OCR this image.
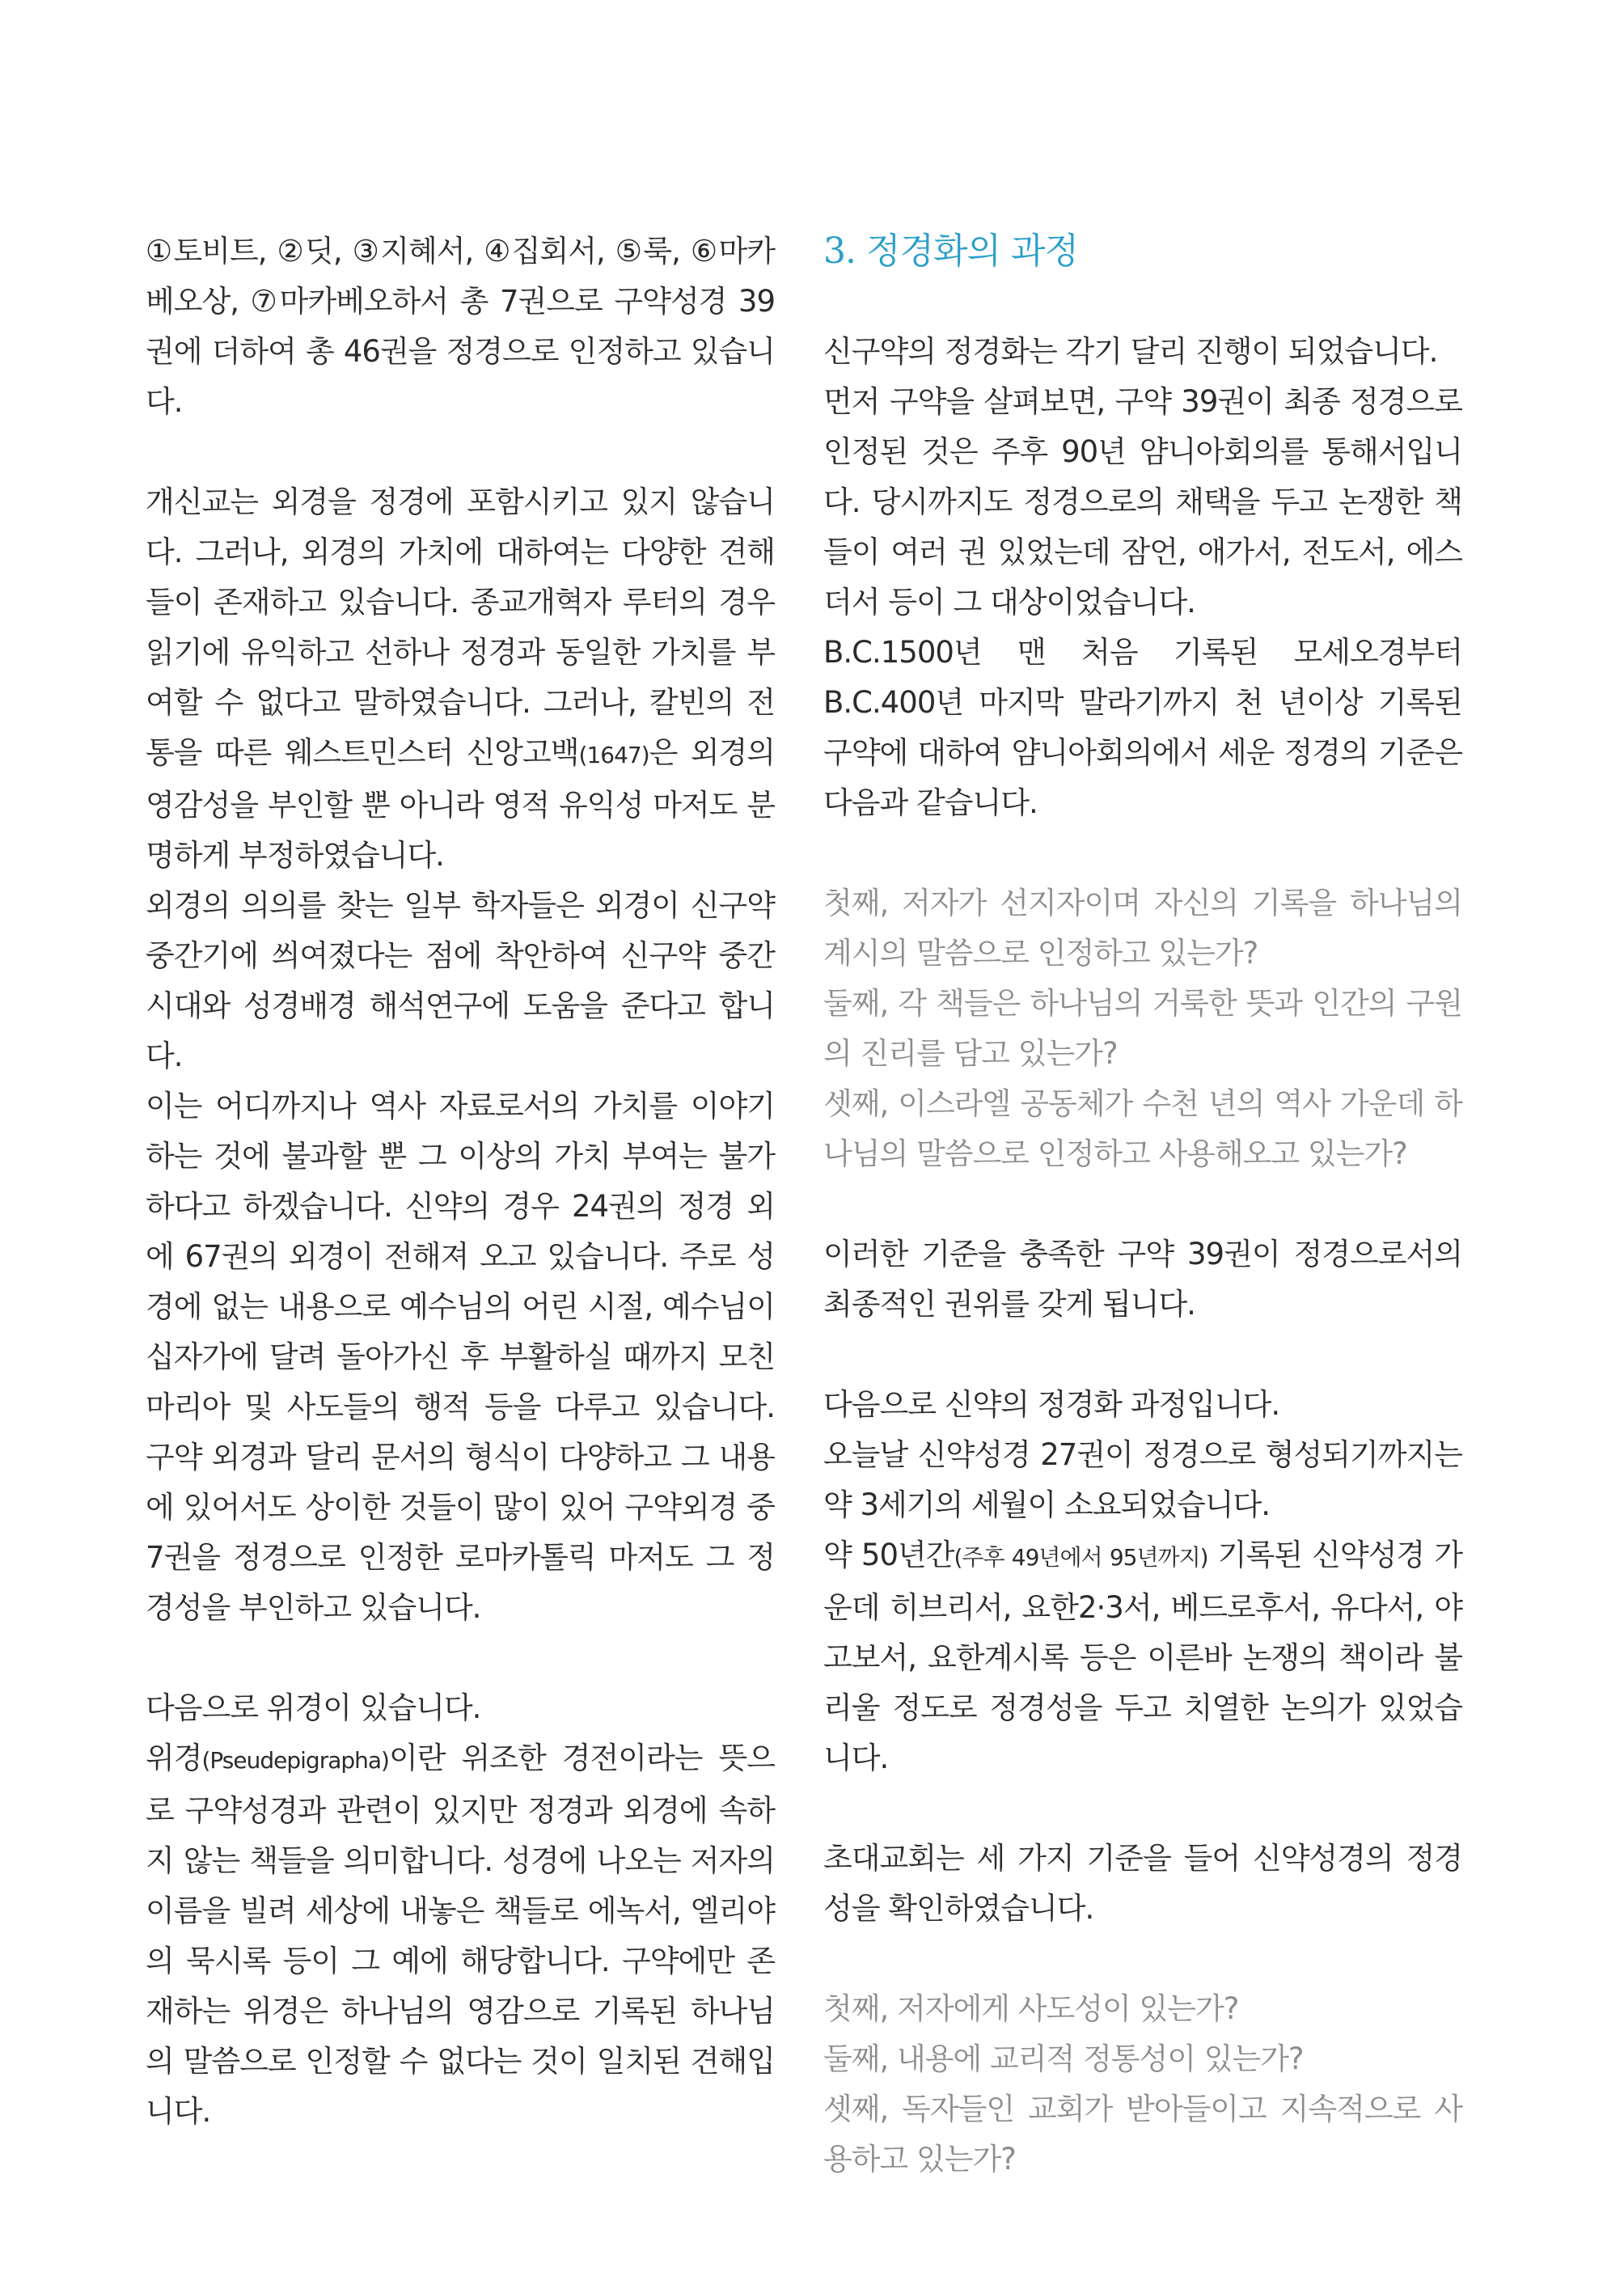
①토비트, ②딧, ③지혜서, ④집회서, ⑤룩, ⑥마카베오상, ⑦마카베오하서 총 7권으로 구약성경 39권에 더하여 총 46권을 정경으로 인정하고 있습니다.

개신교는 외경을 정경에 포함시키고 있지 않습니다. 그러나, 외경의 가치에 대하여는 다양한 견해들이 존재하고 있습니다. 종교개혁자 루터의 경우 읽기에 유익하고 선하나 정경과 동일한 가치를 부여할 수 없다고 말하였습니다. 그러나, 칼빈의 전통을 따른 웨스트민스터 신앙고백(1647)은 외경의 영감성을 부인할 뿐 아니라 영적 유익성 마저도 분명하게 부정하였습니다.

외경의 의의를 찾는 일부 학자들은 외경이 신구약 중간기에 씌여졌다는 점에 착안하여 신구약 중간시대와 성경배경 해석연구에 도움을 준다고 합니다.

이는 어디까지나 역사 자료로서의 가치를 이야기하는 것에 불과할 뿐 그 이상의 가치 부여는 불가하다고 하겠습니다. 신약의 경우 24권의 정경 외에 67권의 외경이 전해져 오고 있습니다. 주로 성경에 없는 내용으로 예수님의 어린 시절, 예수님이 십자가에 달려 돌아가신 후 부활하실 때까지 모친 마리아 및 사도들의 행적 등을 다루고 있습니다. 구약 외경과 달리 문서의 형식이 다양하고 그 내용에 있어서도 상이한 것들이 많이 있어 구약외경 중 7권을 정경으로 인정한 로마카톨릭 마저도 그 정경성을 부인하고 있습니다.

다음으로 위경이 있습니다.

위경(Pseudepigrapha)이란 위조한 경전이라는 뜻으로 구약성경과 관련이 있지만 정경과 외경에 속하지 않는 책들을 의미합니다. 성경에 나오는 저자의 이름을 빌려 세상에 내놓은 책들로 에녹서, 엘리야의 묵시록 등이 그 예에 해당합니다. 구약에만 존재하는 위경은 하나님의 영감으로 기록된 하나님의 말씀으로 인정할 수 없다는 것이 일치된 견해입니다.

3. 정경화의 과정

신구약의 정경화는 각기 달리 진행이 되었습니다.

먼저 구약을 살펴보면, 구약 39권이 최종 정경으로 인정된 것은 주후 90년 얌니아회의를 통해서입니다. 당시까지도 정경으로의 채택을 두고 논쟁한 책들이 여러 권 있었는데 잠언, 애가서, 전도서, 에스더서 등이 그 대상이었습니다.

B.C.1500년 맨 처음 기록된 모세오경부터 B.C.400년 마지막 말라기까지 천 년이상 기록된 구약에 대하여 얌니아회의에서 세운 정경의 기준은 다음과 같습니다.

첫째, 저자가 선지자이며 자신의 기록을 하나님의 계시의 말씀으로 인정하고 있는가?

둘째, 각 책들은 하나님의 거룩한 뜻과 인간의 구원의 진리를 담고 있는가?

셋째, 이스라엘 공동체가 수천 년의 역사 가운데 하나님의 말씀으로 인정하고 사용해오고 있는가?

이러한 기준을 충족한 구약 39권이 정경으로서의 최종적인 권위를 갖게 됩니다.

다음으로 신약의 정경화 과정입니다.

오늘날 신약성경 27권이 정경으로 형성되기까지는 약 3세기의 세월이 소요되었습니다.

약 50년간(주후 49년에서 95년까지) 기록된 신약성경 가운데 히브리서, 요한2·3서, 베드로후서, 유다서, 야고보서, 요한계시록 등은 이른바 논쟁의 책이라 불리울 정도로 정경성을 두고 치열한 논의가 있었습니다.

초대교회는 세 가지 기준을 들어 신약성경의 정경성을 확인하였습니다.

첫째, 저자에게 사도성이 있는가?

둘째, 내용에 교리적 정통성이 있는가?

셋째, 독자들인 교회가 받아들이고 지속적으로 사용하고 있는가?
